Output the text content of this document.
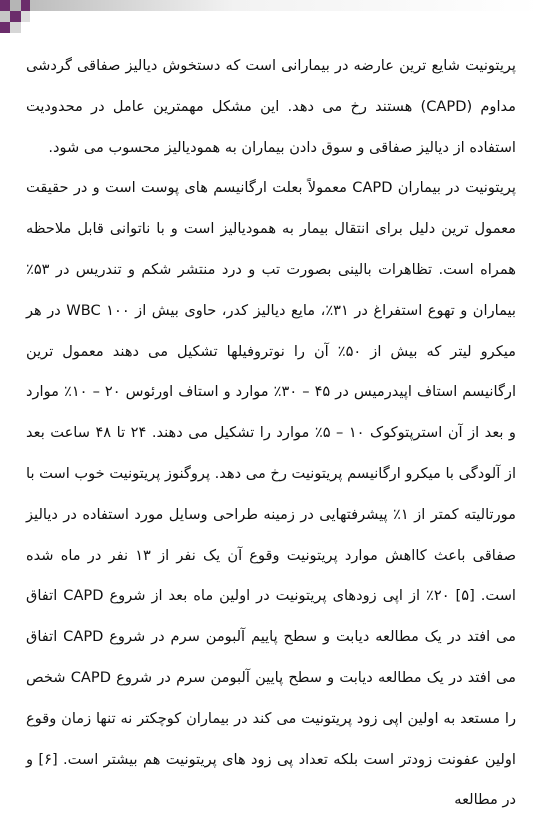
پریتونیت شایع ترین عارضه در بیمارانی است که دستخوش دیالیز صفاقی گردشی مداوم (CAPD) هستند رخ می دهد. این مشکل مهمترین عامل در محدودیت استفاده از دیالیز صفاقی و سوق دادن بیماران به همودیالیز محسوب می شود.

پریتونیت در بیماران CAPD معمولاً بعلت ارگانیسم های پوست است و در حقیقت معمول ترین دلیل برای انتقال بیمار به همودیالیز است و با ناتوانی قابل ملاحظه همراه است. تظاهرات بالینی بصورت تب و درد منتشر شکم و تندریس در ۵۳٪ بیماران و تهوع استفراغ در ۳۱٪، مایع دیالیز کدر، حاوی بیش از ۱۰۰ WBC در هر میکرو لیتر که بیش از ۵۰٪ آن را نوتروفیلها تشکیل می دهند معمول ترین ارگانیسم استاف اپیدرمیس در ۴۵ – ۳۰٪ موارد و استاف اورئوس ۲۰ – ۱۰٪ موارد و بعد از آن استرپتوکوک ۱۰ – ۵٪ موارد را تشکیل می دهند. ۲۴ تا ۴۸ ساعت بعد از آلودگی با میکرو ارگانیسم پریتونیت رخ می دهد. پروگنوز پریتونیت خوب است با مورتالیته کمتر از ۱٪ پیشرفتهایی در زمینه طراحی وسایل مورد استفاده در دیالیز صفاقی باعث کااهش موارد پریتونیت وقوع آن یک نفر از ۱۳ نفر در ماه شده است. [۵] ۲۰٪ از اپی زودهای پریتونیت در اولین ماه بعد از شروع CAPD اتفاق می افتد در یک مطالعه دیابت و سطح پاییم آلبومن سرم در شروع CAPD اتفاق می افتد در یک مطالعه دیابت و سطح پایین آلبومن سرم در شروع CAPD شخص را مستعد به اولین اپی زود پریتونیت می کند در بیماران کوچکتر نه تنها زمان وقوع اولین عفونت زودتر است بلکه تعداد پی زود های پریتونیت هم بیشتر است. [۶] و در مطالعه
